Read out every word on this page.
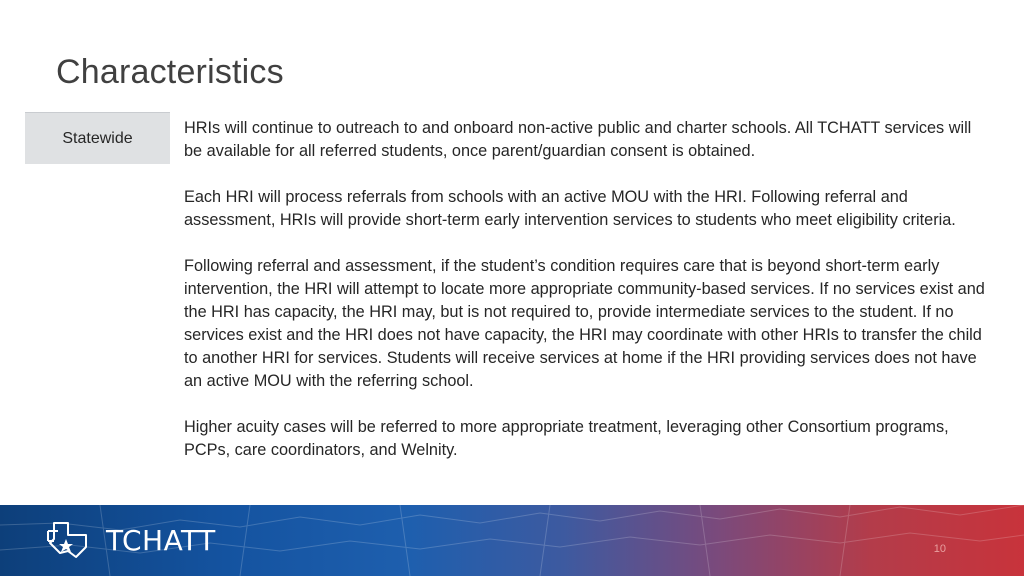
Characteristics
Statewide

HRIs will continue to outreach to and onboard non-active public and charter schools. All TCHATT services will be available for all referred students, once parent/guardian consent is obtained.

Each HRI will process referrals from schools with an active MOU with the HRI. Following referral and assessment, HRIs will provide short-term early intervention services to students who meet eligibility criteria.

Following referral and assessment, if the student’s condition requires care that is beyond short-term early intervention, the HRI will attempt to locate more appropriate community-based services. If no services exist and the HRI has capacity, the HRI may, but is not required to, provide intermediate services to the student. If no services exist and the HRI does not have capacity, the HRI may coordinate with other HRIs to transfer the child to another HRI for services. Students will receive services at home if the HRI providing services does not have an active MOU with the referring school.

Higher acuity cases will be referred to more appropriate treatment, leveraging other Consortium programs, PCPs, care coordinators, and Welnity.

TCHATT	10
